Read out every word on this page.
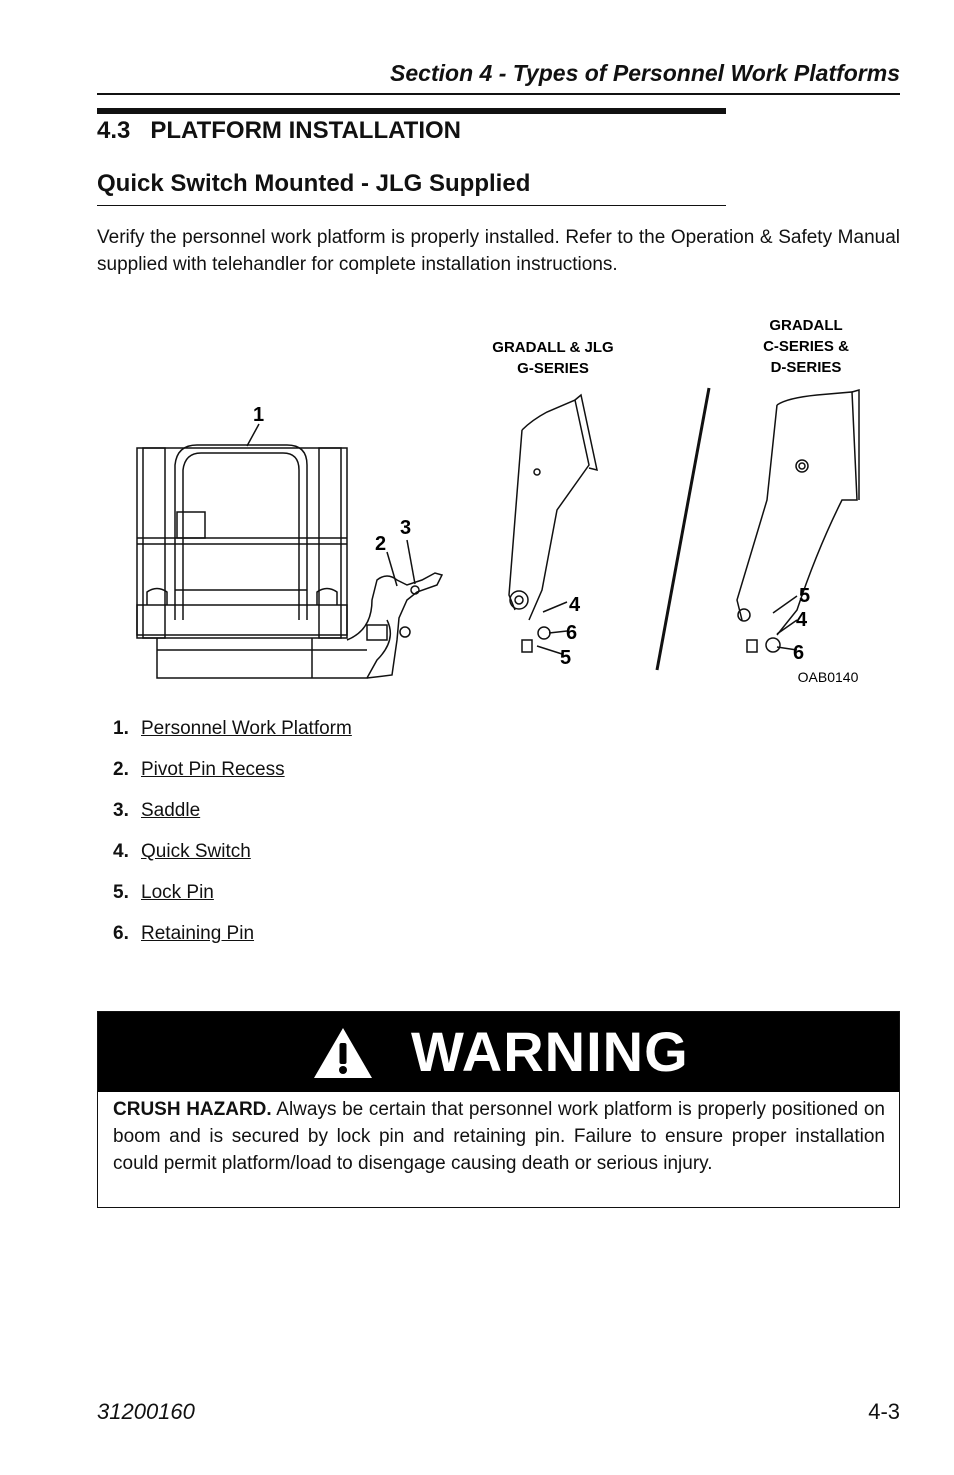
Section 4 - Types of Personnel Work Platforms
4.3 PLATFORM INSTALLATION
Quick Switch Mounted - JLG Supplied
Verify the personnel work platform is properly installed. Refer to the Operation & Safety Manual supplied with telehandler for complete installation instructions.
GRADALL & JLG
G-SERIES
GRADALL
C-SERIES &
D-SERIES
1
2
3
4
6
5
5
4
6
OAB0140
1. Personnel Work Platform
2. Pivot Pin Recess
3. Saddle
4. Quick Switch
5. Lock Pin
6. Retaining Pin
WARNING
CRUSH HAZARD. Always be certain that personnel work platform is properly positioned on boom and is secured by lock pin and retaining pin. Failure to ensure proper installation could permit platform/load to disengage causing death or serious injury.
31200160	4-3
